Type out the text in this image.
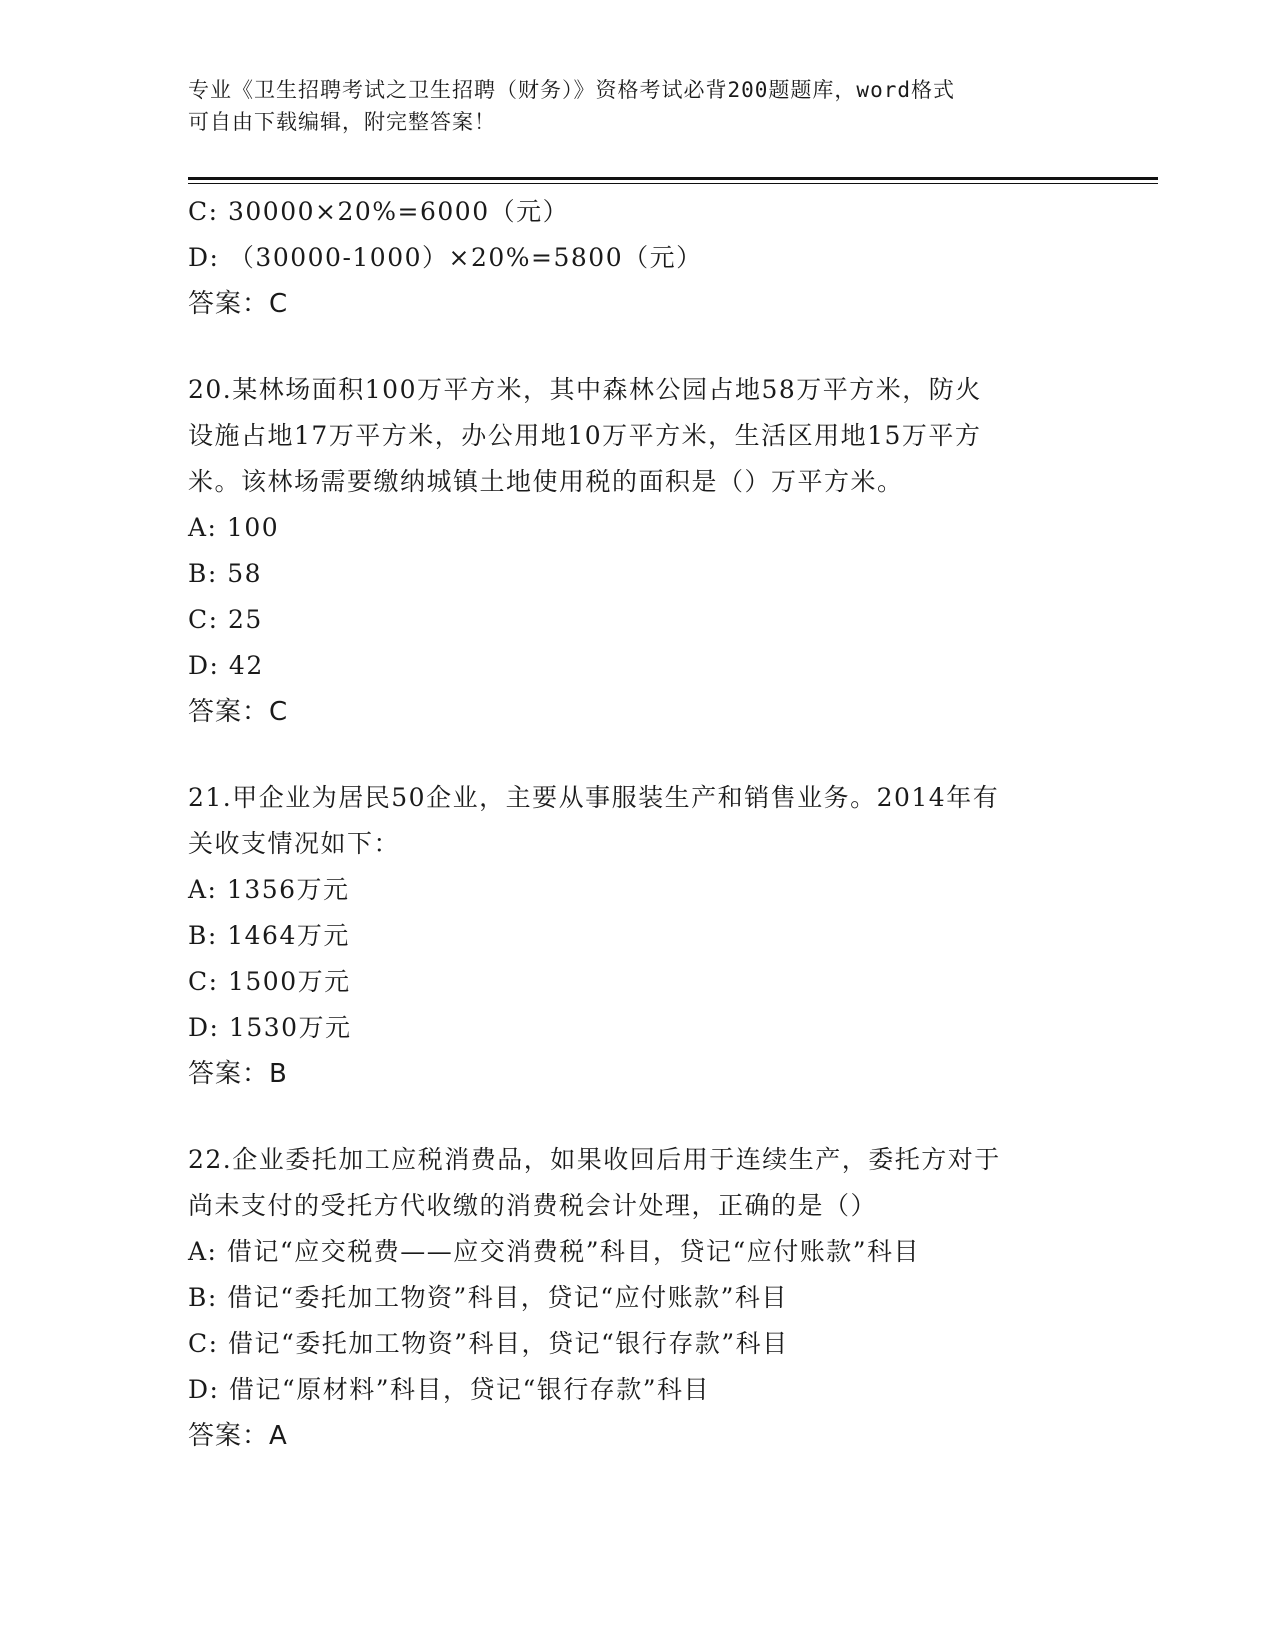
专业《卫生招聘考试之卫生招聘（财务）》资格考试必背200题题库，word格式
可自由下载编辑，附完整答案！
C: 30000×20%=6000（元）
D: （30000-1000）×20%=5800（元）
答案：C
20.某林场面积100万平方米，其中森林公园占地58万平方米，防火
设施占地17万平方米，办公用地10万平方米，生活区用地15万平方
米。该林场需要缴纳城镇土地使用税的面积是（）万平方米。
A: 100
B: 58
C: 25
D: 42
答案：C
21.甲企业为居民50企业，主要从事服装生产和销售业务。2014年有
关收支情况如下：
A: 1356万元
B: 1464万元
C: 1500万元
D: 1530万元
答案：B
22.企业委托加工应税消费品，如果收回后用于连续生产，委托方对于
尚未支付的受托方代收缴的消费税会计处理，正确的是（）
A: 借记“应交税费——应交消费税”科目，贷记“应付账款”科目
B: 借记“委托加工物资”科目，贷记“应付账款”科目
C: 借记“委托加工物资”科目，贷记“银行存款”科目
D: 借记“原材料”科目，贷记“银行存款”科目
答案：A
